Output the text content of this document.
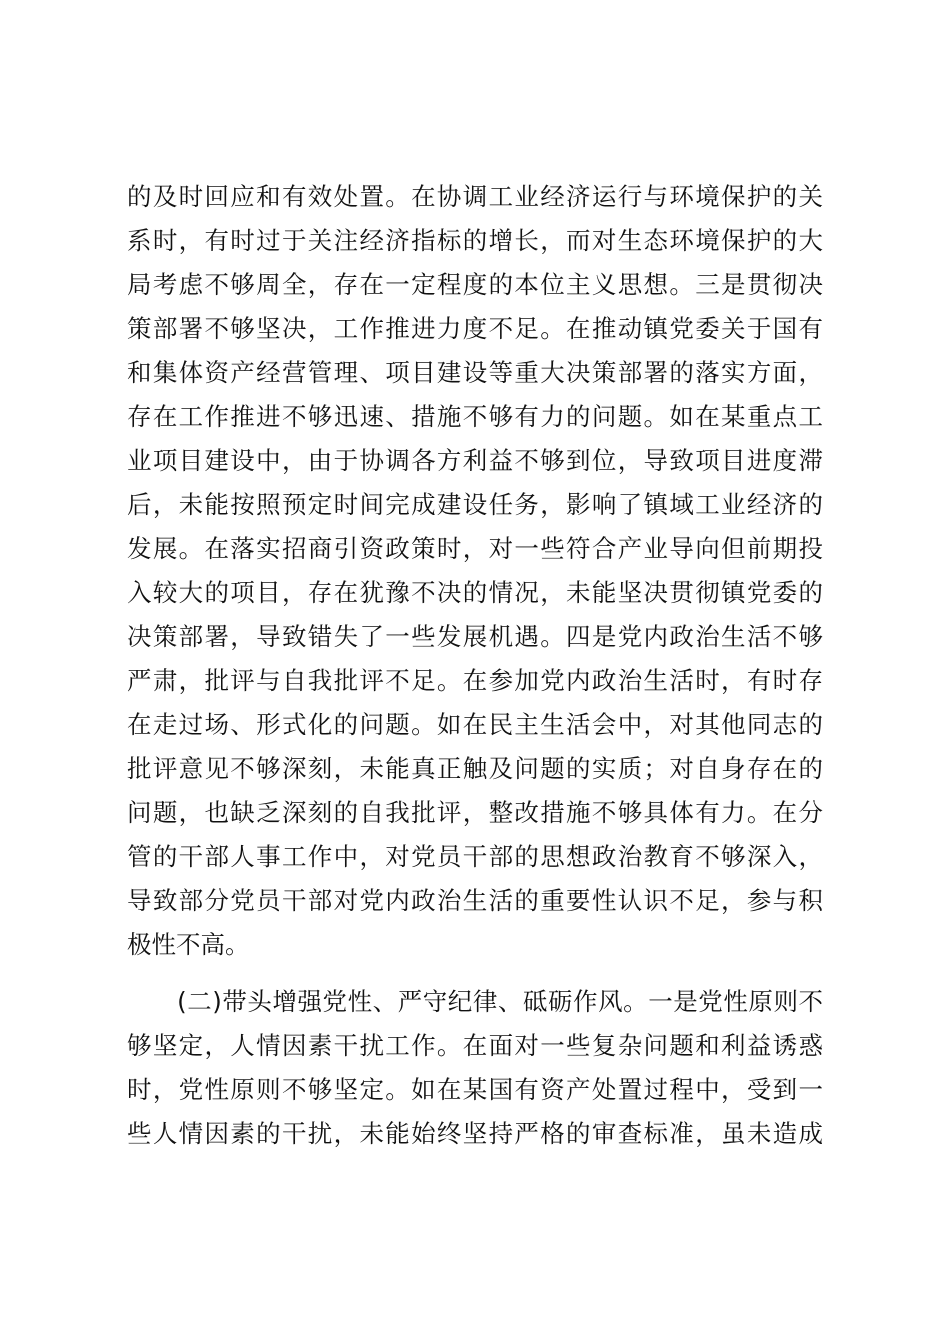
的及时回应和有效处置。在协调工业经济运行与环境保护的关
系时，有时过于关注经济指标的增长，而对生态环境保护的大
局考虑不够周全，存在一定程度的本位主义思想。三是贯彻决
策部署不够坚决，工作推进力度不足。在推动镇党委关于国有
和集体资产经营管理、项目建设等重大决策部署的落实方面，
存在工作推进不够迅速、措施不够有力的问题。如在某重点工
业项目建设中，由于协调各方利益不够到位，导致项目进度滞
后，未能按照预定时间完成建设任务，影响了镇域工业经济的
发展。在落实招商引资政策时，对一些符合产业导向但前期投
入较大的项目，存在犹豫不决的情况，未能坚决贯彻镇党委的
决策部署，导致错失了一些发展机遇。四是党内政治生活不够
严肃，批评与自我批评不足。在参加党内政治生活时，有时存
在走过场、形式化的问题。如在民主生活会中，对其他同志的
批评意见不够深刻，未能真正触及问题的实质；对自身存在的
问题，也缺乏深刻的自我批评，整改措施不够具体有力。在分
管的干部人事工作中，对党员干部的思想政治教育不够深入，
导致部分党员干部对党内政治生活的重要性认识不足，参与积
极性不高。
　　(二)带头增强党性、严守纪律、砥砺作风。一是党性原则不
够坚定，人情因素干扰工作。在面对一些复杂问题和利益诱惑
时，党性原则不够坚定。如在某国有资产处置过程中，受到一
些人情因素的干扰，未能始终坚持严格的审查标准，虽未造成
